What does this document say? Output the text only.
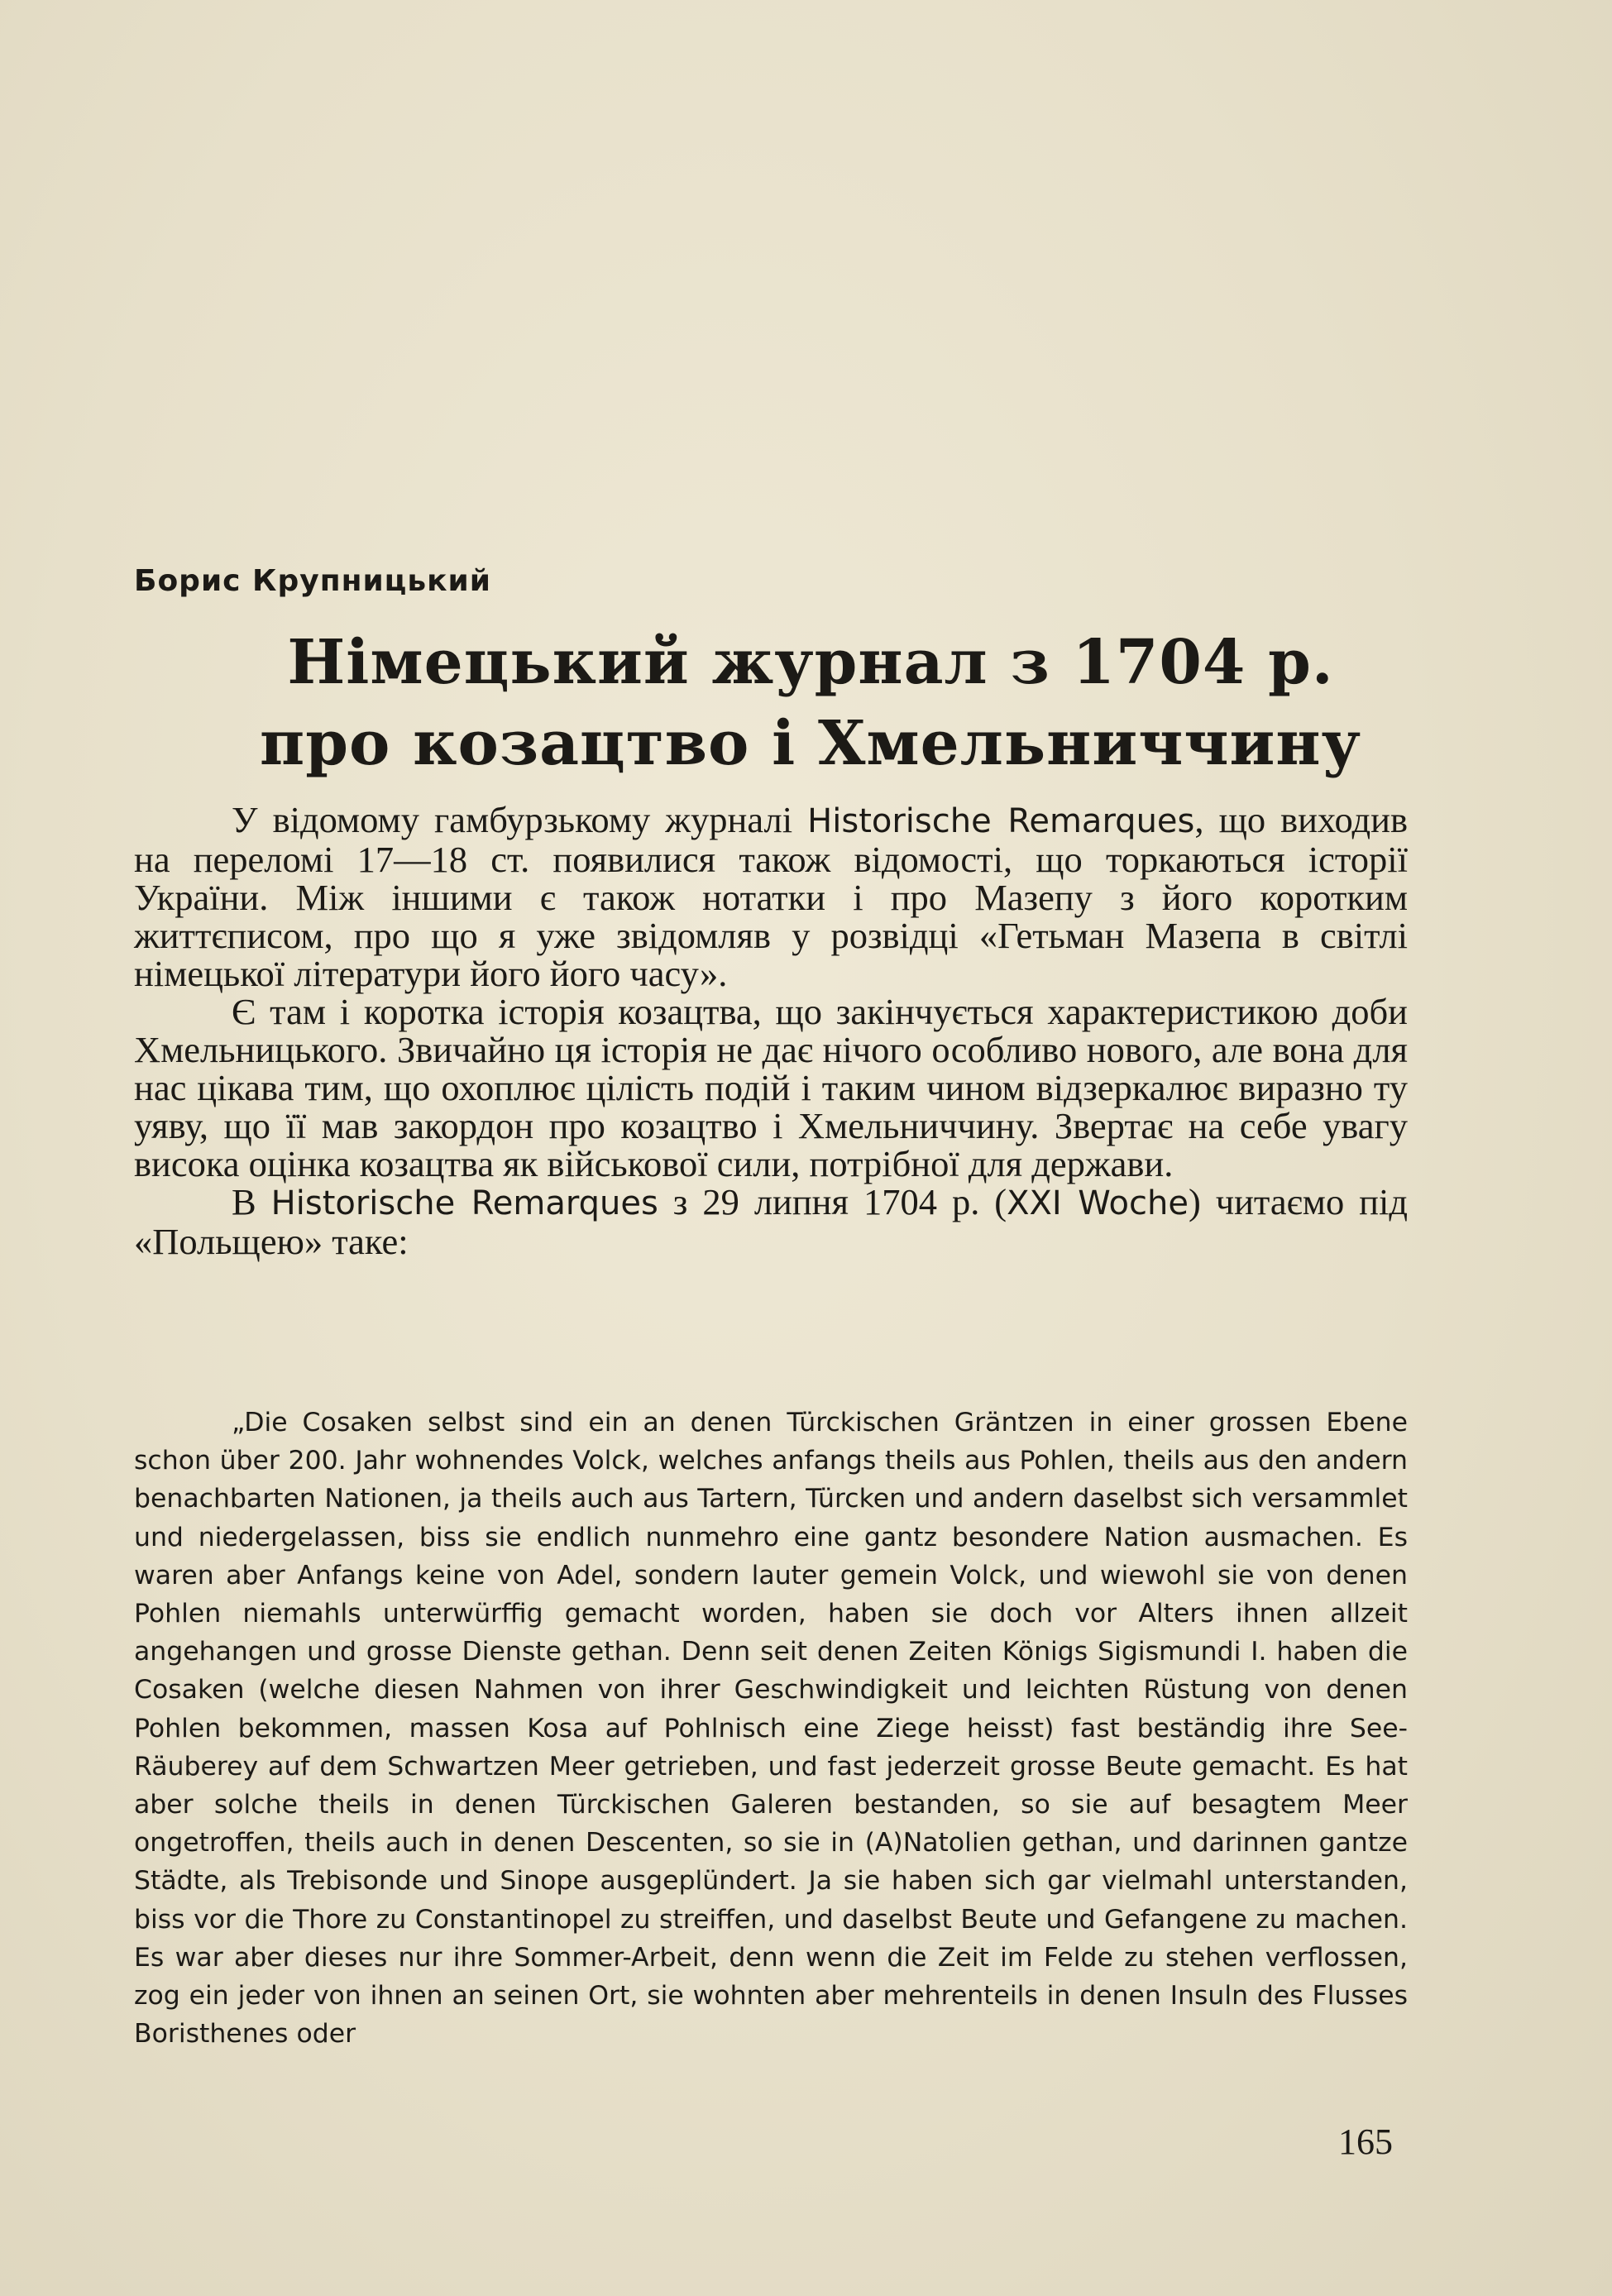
Борис Крупницький
Німецький журнал з 1704 р.
про козацтво і Хмельниччину

У відомому гамбурзькому журналі Historische Remarques, що виходив на переломі 17—18 ст. появилися також відомості, що торкаються історії України. Між іншими є також нотатки і про Мазепу з його коротким життєписом, про що я уже звідомляв у розвідці «Гетьман Мазепа в світлі німецької літератури його його часу».

Є там і коротка історія козацтва, що закінчується характеристикою доби Хмельницького. Звичайно ця історія не дає нічого особливо нового, але вона для нас цікава тим, що охоплює цілість подій і таким чином відзеркалює виразно ту уяву, що її мав закордон про козацтво і Хмельниччину. Звертає на себе увагу висока оцінка козацтва як військової сили, потрібної для держави.

В Historische Remarques з 29 липня 1704 р. (XXI Woche) читаємо під «Польщею» таке:

„Die Cosaken selbst sind ein an denen Türckischen Gräntzen in einer grossen Ebene schon über 200. Jahr wohnendes Volck, welches anfangs theils aus Pohlen, theils aus den andern benachbarten Nationen, ja theils auch aus Tartern, Türcken und andern daselbst sich versammlet und niedergelassen, biss sie endlich nunmehro eine gantz besondere Nation ausmachen. Es waren aber Anfangs keine von Adel, sondern lauter gemein Volck, und wiewohl sie von denen Pohlen niemahls unterwürffig gemacht worden, haben sie doch vor Alters ihnen allzeit angehangen und grosse Dienste gethan. Denn seit denen Zeiten Königs Sigismundi I. haben die Cosaken (welche diesen Nahmen von ihrer Geschwindigkeit und leichten Rüstung von denen Pohlen bekommen, massen Kosa auf Pohlnisch eine Ziege heisst) fast beständig ihre See-Räuberey auf dem Schwartzen Meer getrieben, und fast jederzeit grosse Beute gemacht. Es hat aber solche theils in denen Türckischen Galeren bestanden, so sie auf besagtem Meer ongetroffen, theils auch in denen Descenten, so sie in (A)Natolien gethan, und darinnen gantze Städte, als Trebisonde und Sinope ausgeplündert. Ja sie haben sich gar vielmahl unterstanden, biss vor die Thore zu Constantinopel zu streiffen, und daselbst Beute und Gefangene zu machen. Es war aber dieses nur ihre Sommer-Arbeit, denn wenn die Zeit im Felde zu stehen verflossen, zog ein jeder von ihnen an seinen Ort, sie wohnten aber mehrenteils in denen Insuln des Flusses Boristhenes oder
165
